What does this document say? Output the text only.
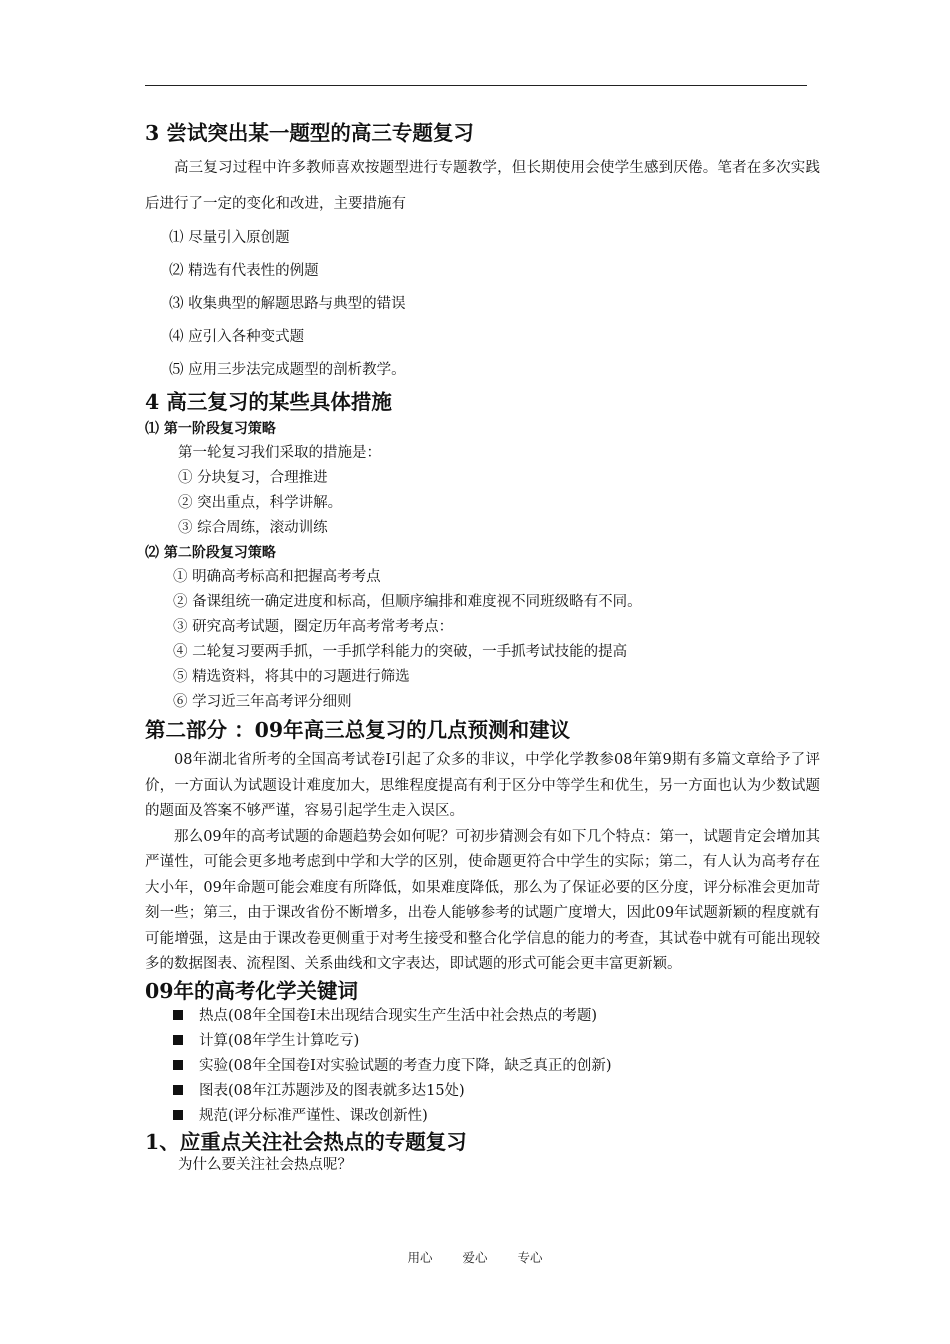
3 尝试突出某一题型的高三专题复习

高三复习过程中许多教师喜欢按题型进行专题教学，但长期使用会使学生感到厌倦。笔者在多次实践后进行了一定的变化和改进，主要措施有

⑴ 尽量引入原创题

⑵ 精选有代表性的例题

⑶ 收集典型的解题思路与典型的错误

⑷ 应引入各种变式题

⑸ 应用三步法完成题型的剖析教学。

4 高三复习的某些具体措施
⑴ 第一阶段复习策略

第一轮复习我们采取的措施是：

① 分块复习，合理推进

② 突出重点，科学讲解。

③ 综合周练，滚动训练

⑵ 第二阶段复习策略

① 明确高考标高和把握高考考点

② 备课组统一确定进度和标高，但顺序编排和难度视不同班级略有不同。

③ 研究高考试题，圈定历年高考常考考点：

④ 二轮复习要两手抓，一手抓学科能力的突破，一手抓考试技能的提高

⑤ 精选资料，将其中的习题进行筛选

⑥ 学习近三年高考评分细则

第二部分 ：09年高三总复习的几点预测和建议

08年湖北省所考的全国高考试卷Ⅰ引起了众多的非议，中学化学教参08年第9期有多篇文章给予了评价，一方面认为试题设计难度加大，思维程度提高有利于区分中等学生和优生，另一方面也认为少数试题的题面及答案不够严谨，容易引起学生走入误区。

那么09年的高考试题的命题趋势会如何呢？可初步猜测会有如下几个特点：第一，试题肯定会增加其严谨性，可能会更多地考虑到中学和大学的区别，使命题更符合中学生的实际；第二，有人认为高考存在大小年，09年命题可能会难度有所降低，如果难度降低，那么为了保证必要的区分度，评分标准会更加苛刻一些；第三，由于课改省份不断增多，出卷人能够参考的试题广度增大，因此09年试题新颖的程度就有可能增强，这是由于课改卷更侧重于对考生接受和整合化学信息的能力的考查，其试卷中就有可能出现较多的数据图表、流程图、关系曲线和文字表达，即试题的形式可能会更丰富更新颖。

09年的高考化学关键词
热点(08年全国卷Ⅰ未出现结合现实生产生活中社会热点的考题)
计算(08年学生计算吃亏)
实验(08年全国卷Ⅰ对实验试题的考查力度下降，缺乏真正的创新)
图表(08年江苏题涉及的图表就多达15处)
规范(评分标准严谨性、课改创新性)
1、应重点关注社会热点的专题复习

为什么要关注社会热点呢？

用心 爱心 专心
